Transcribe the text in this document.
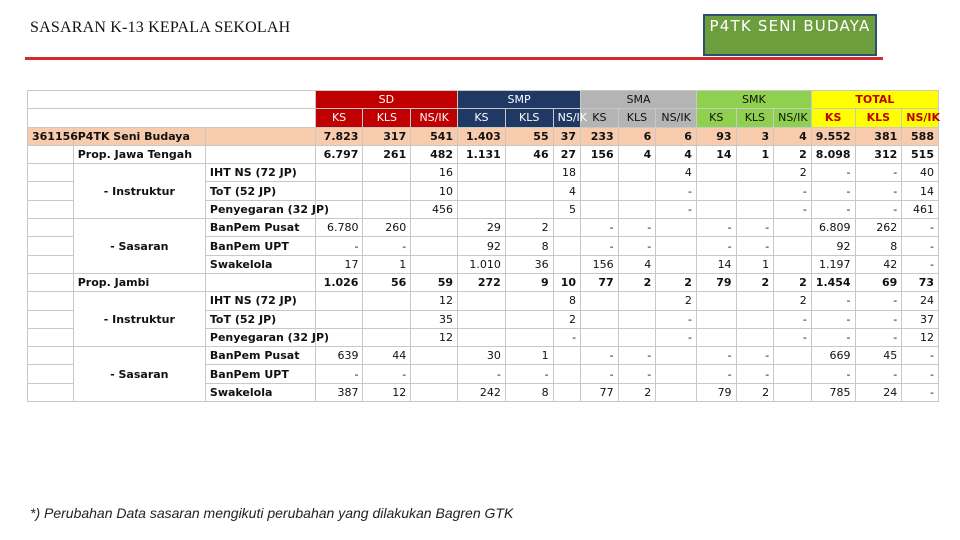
SASARAN K-13 KEPALA SEKOLAH	P4TK SENI BUDAYA
			SD			SMP			SMA			SMK			TOTAL		
			KS	KLS	NS/IK	KS	KLS	NS/IK	KS	KLS	NS/IK	KS	KLS	NS/IK	KS	KLS	NS/IK
361156	P4TK Seni Budaya		7.823	317	541	1.403	55	37	233	6	6	93	3	4	9.552	381	588
	Prop. Jawa Tengah		6.797	261	482	1.131	46	27	156	4	4	14	1	2	8.098	312	515
	- Instruktur	IHT NS (72 JP)			16			18			4			2	-	-	40
		ToT (52 JP)			10			4			-			-	-	-	14
		Penyegaran (32 JP)			456			5			-			-	-	-	461
	- Sasaran	BanPem Pusat	6.780	260		29	2		-	-		-	-		6.809	262	-
		BanPem UPT	-	-		92	8		-	-		-	-		92	8	-
		Swakelola	17	1		1.010	36		156	4		14	1		1.197	42	-
	Prop. Jambi		1.026	56	59	272	9	10	77	2	2	79	2	2	1.454	69	73
	- Instruktur	IHT NS (72 JP)			12			8			2			2	-	-	24
		ToT (52 JP)			35			2			-			-	-	-	37
		Penyegaran (32 JP)			12			-			-			-	-	-	12
	- Sasaran	BanPem Pusat	639	44		30	1		-	-		-	-		669	45	-
		BanPem UPT	-	-		-	-		-	-		-	-		-	-	-
		Swakelola	387	12		242	8		77	2		79	2		785	24	-
*) Perubahan Data sasaran mengikuti perubahan yang dilakukan Bagren GTK
